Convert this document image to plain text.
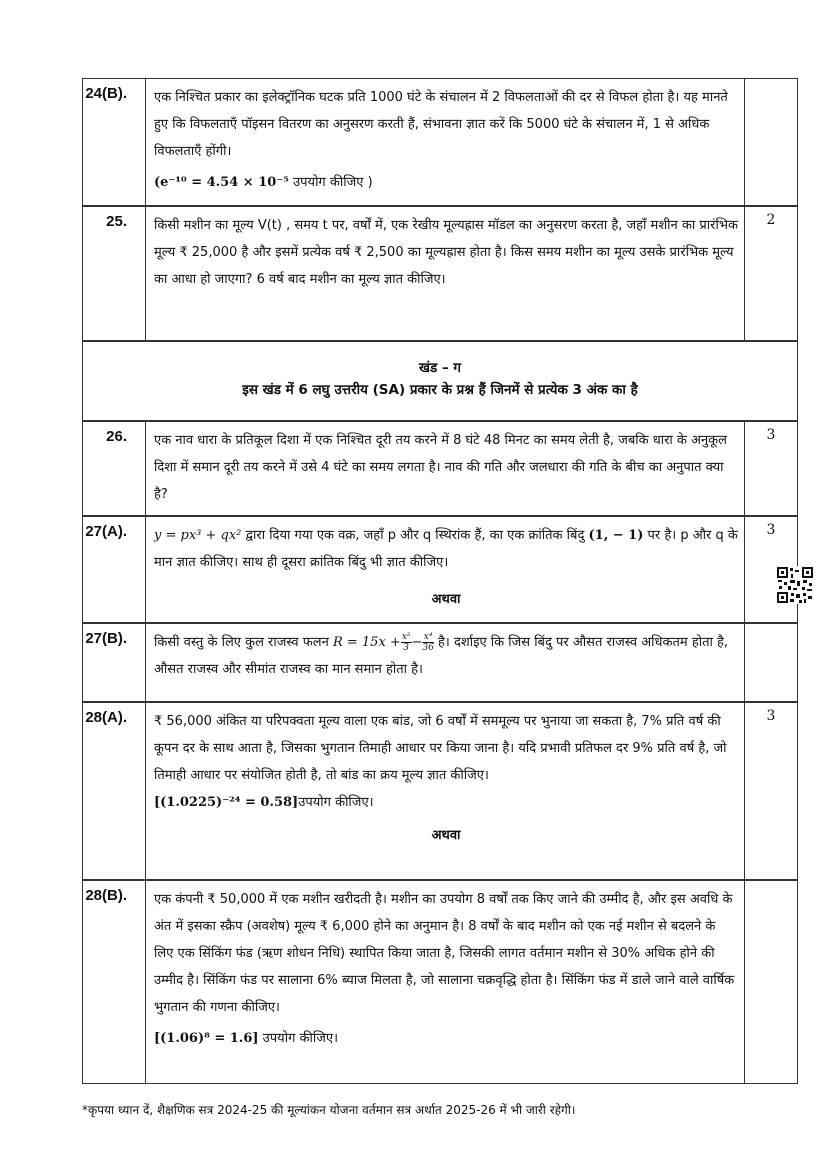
24(B). एक निश्चित प्रकार का इलेक्ट्रॉनिक घटक प्रति 1000 घंटे के संचालन में 2 विफलताओं की दर से विफल होता है। यह मानते हुए कि विफलताएँ पॉइसन वितरण का अनुसरण करती हैं, संभावना ज्ञात करें कि 5000 घंटे के संचालन में, 1 से अधिक विफलताएँ होंगी।

(e⁻¹⁰ = 4.54 × 10⁻⁵ उपयोग कीजिए )

25. किसी मशीन का मूल्य V(t) , समय t पर, वर्षों में, एक रेखीय मूल्यह्रास मॉडल का अनुसरण करता है, जहाँ मशीन का प्रारंभिक मूल्य ₹ 25,000 है और इसमें प्रत्येक वर्ष ₹ 2,500 का मूल्यह्रास होता है। किस समय मशीन का मूल्य उसके प्रारंभिक मूल्य का आधा हो जाएगा? 6 वर्ष बाद मशीन का मूल्य ज्ञात कीजिए।

2
खंड – ग
इस खंड में 6 लघु उत्तरीय (SA) प्रकार के प्रश्न हैं जिनमें से प्रत्येक 3 अंक का है
26. एक नाव धारा के प्रतिकूल दिशा में एक निश्चित दूरी तय करने में 8 घंटे 48 मिनट का समय लेती है, जबकि धारा के अनुकूल दिशा में समान दूरी तय करने में उसे 4 घंटे का समय लगता है। नाव की गति और जलधारा की गति के बीच का अनुपात क्या है?

3
27(A). y = px³ + qx² द्वारा दिया गया एक वक्र, जहाँ p और q स्थिरांक हैं, का एक क्रांतिक बिंदु (1, − 1) पर है। p और q के मान ज्ञात कीजिए। साथ ही दूसरा क्रांतिक बिंदु भी ज्ञात कीजिए।

अथवा
3
27(B). किसी वस्तु के लिए कुल राजस्व फलन $R = 15x + \frac{\text{x²}}{3} - \frac{\text{x⁴}}{36}$ है। दर्शाइए कि जिस बिंदु पर औसत राजस्व अधिकतम होता है, औसत राजस्व और सीमांत राजस्व का मान समान होता है।

28(A). ₹ 56,000 अंकित या परिपक्वता मूल्य वाला एक बांड, जो 6 वर्षों में सममूल्य पर भुनाया जा सकता है, 7% प्रति वर्ष की कूपन दर के साथ आता है, जिसका भुगतान तिमाही आधार पर किया जाना है। यदि प्रभावी प्रतिफल दर 9% प्रति वर्ष है, जो तिमाही आधार पर संयोजित होती है, तो बांड का क्रय मूल्य ज्ञात कीजिए।

[(1.0225)⁻²⁴ = 0.58]उपयोग कीजिए।

अथवा
3
28(B). एक कंपनी ₹ 50,000 में एक मशीन खरीदती है। मशीन का उपयोग 8 वर्षों तक किए जाने की उम्मीद है, और इस अवधि के अंत में इसका स्क्रैप (अवशेष) मूल्य ₹ 6,000 होने का अनुमान है। 8 वर्षों के बाद मशीन को एक नई मशीन से बदलने के लिए एक सिंकिंग फंड (ऋण शोधन निधि) स्थापित किया जाता है, जिसकी लागत वर्तमान मशीन से 30% अधिक होने की उम्मीद है। सिंकिंग फंड पर सालाना 6% ब्याज मिलता है, जो सालाना चक्रवृद्धि होता है। सिंकिंग फंड में डाले जाने वाले वार्षिक भुगतान की गणना कीजिए।

[(1.06)⁸ = 1.6] उपयोग कीजिए।

*कृपया ध्यान दें, शैक्षणिक सत्र 2024-25 की मूल्यांकन योजना वर्तमान सत्र अर्थात 2025-26 में भी जारी रहेगी।
